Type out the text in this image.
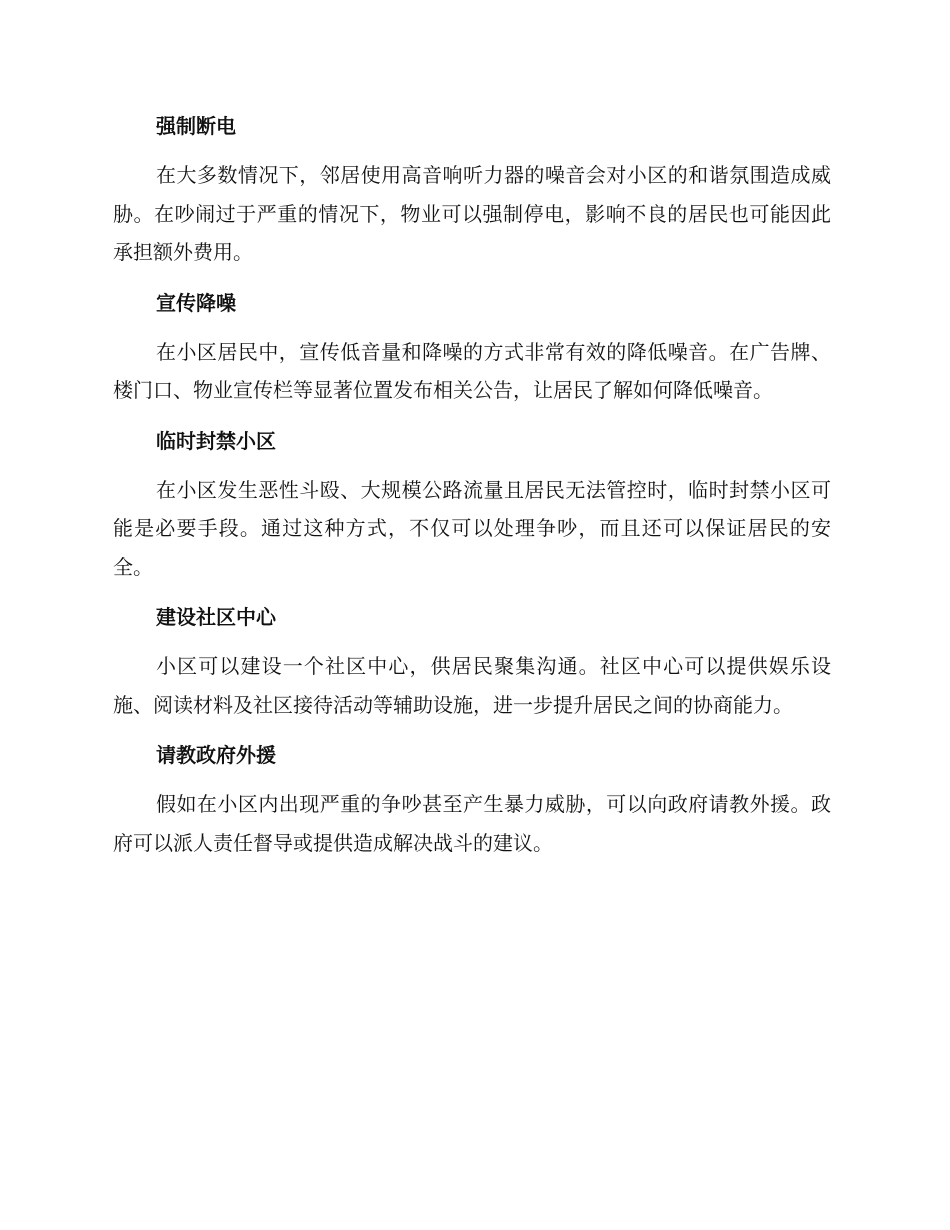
强制断电

在大多数情况下，邻居使用高音响听力器的噪音会对小区的和谐氛围造成威胁。在吵闹过于严重的情况下，物业可以强制停电，影响不良的居民也可能因此承担额外费用。

宣传降噪

在小区居民中，宣传低音量和降噪的方式非常有效的降低噪音。在广告牌、楼门口、物业宣传栏等显著位置发布相关公告，让居民了解如何降低噪音。

临时封禁小区

在小区发生恶性斗殴、大规模公路流量且居民无法管控时，临时封禁小区可能是必要手段。通过这种方式，不仅可以处理争吵，而且还可以保证居民的安全。

建设社区中心

小区可以建设一个社区中心，供居民聚集沟通。社区中心可以提供娱乐设施、阅读材料及社区接待活动等辅助设施，进一步提升居民之间的协商能力。

请教政府外援

假如在小区内出现严重的争吵甚至产生暴力威胁，可以向政府请教外援。政府可以派人责任督导或提供造成解决战斗的建议。
